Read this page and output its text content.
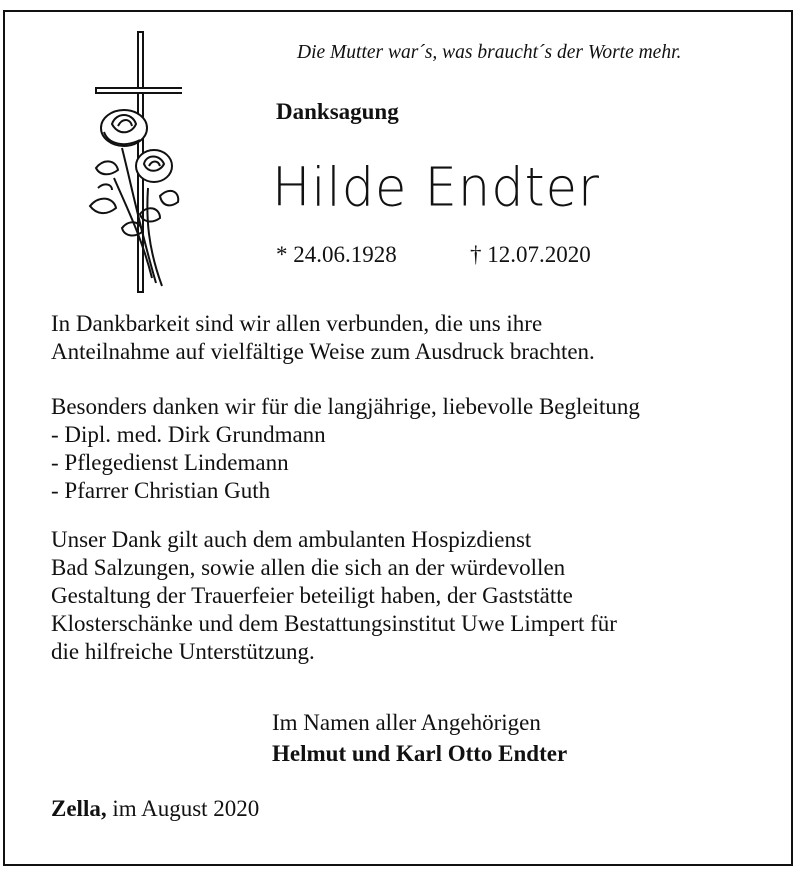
Die Mutter war´s, was braucht´s der Worte mehr.
Danksagung
Hilde Endter
* 24.06.1928	† 12.07.2020
In Dankbarkeit sind wir allen verbunden, die uns ihre
Anteilnahme auf vielfältige Weise zum Ausdruck brachten.
Besonders danken wir für die langjährige, liebevolle Begleitung
- Dipl. med. Dirk Grundmann
- Pflegedienst Lindemann
- Pfarrer Christian Guth
Unser Dank gilt auch dem ambulanten Hospizdienst
Bad Salzungen, sowie allen die sich an der würdevollen
Gestaltung der Trauerfeier beteiligt haben, der Gaststätte
Klosterschänke und dem Bestattungsinstitut Uwe Limpert für
die hilfreiche Unterstützung.
Im Namen aller Angehörigen
Helmut und Karl Otto Endter
Zella, im August 2020
